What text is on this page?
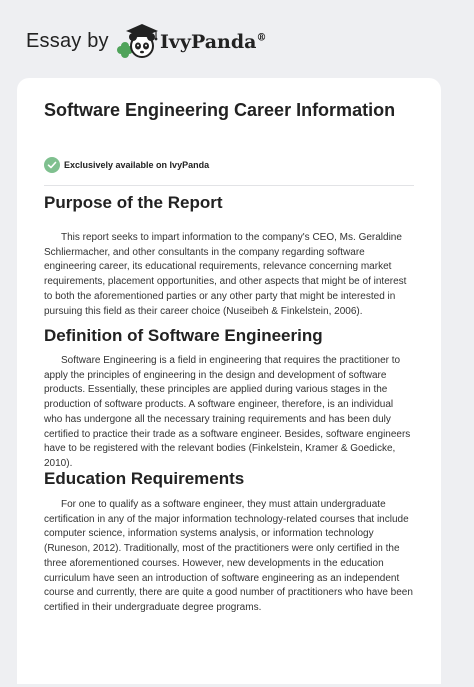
Essay by	IvyPanda®
Software Engineering Career Information
Exclusively available on IvyPanda
Purpose of the Report

This report seeks to impart information to the company's CEO, Ms. Geraldine Schliermacher, and other consultants in the company regarding software engineering career, its educational requirements, relevance concerning market requirements, placement opportunities, and other aspects that might be of interest to both the aforementioned parties or any other party that might be interested in pursuing this field as their career choice (Nuseibeh & Finkelstein, 2006).

Definition of Software Engineering

Software Engineering is a field in engineering that requires the practitioner to apply the principles of engineering in the design and development of software products. Essentially, these principles are applied during various stages in the production of software products. A software engineer, therefore, is an individual who has undergone all the necessary training requirements and has been duly certified to practice their trade as a software engineer. Besides, software engineers have to be registered with the relevant bodies (Finkelstein, Kramer & Goedicke, 2010).

Education Requirements

For one to qualify as a software engineer, they must attain undergraduate certification in any of the major information technology-related courses that include computer science, information systems analysis, or information technology (Runeson, 2012). Traditionally, most of the practitioners were only certified in the three aforementioned courses. However, new developments in the education curriculum have seen an introduction of software engineering as an independent course and currently, there are quite a good number of practitioners who have been certified in their undergraduate degree programs.
